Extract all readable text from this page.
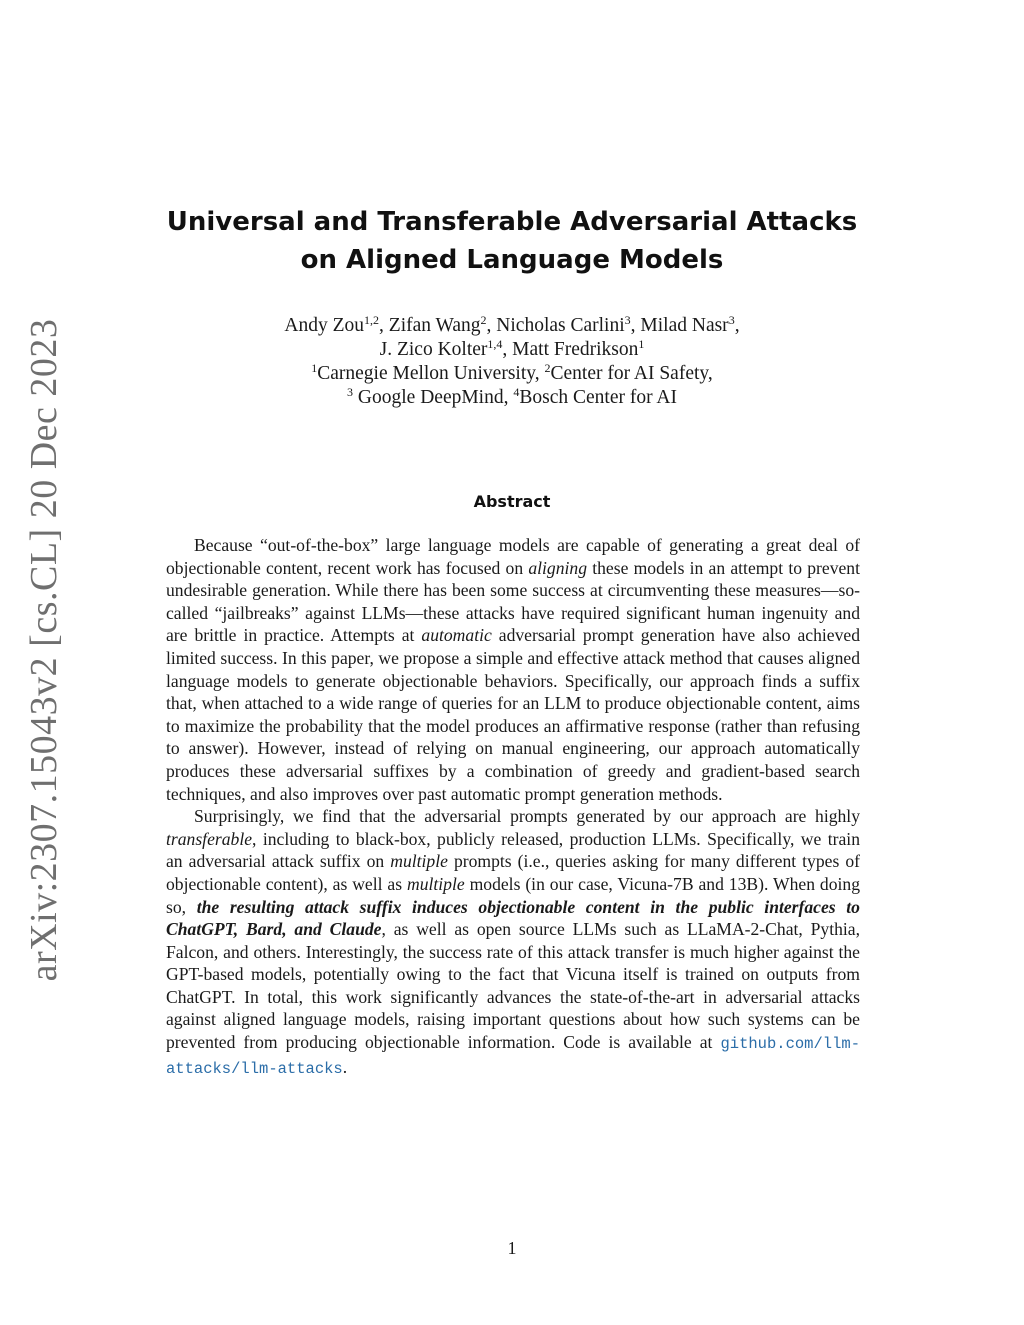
arXiv:2307.15043v2 [cs.CL] 20 Dec 2023
Universal and Transferable Adversarial Attacks
on Aligned Language Models
Andy Zou$^{1,2}$, Zifan Wang$^2$, Nicholas Carlini$^3$, Milad Nasr$^3$,
J. Zico Kolter$^{1,4}$, Matt Fredrikson$^1$
$^1$Carnegie Mellon University, $^2$Center for AI Safety,
$^3$ Google DeepMind, $^4$Bosch Center for AI
Abstract

Because “out-of-the-box” large language models are capable of generating a great deal of objectionable content, recent work has focused on aligning these models in an attempt to prevent undesirable generation. While there has been some success at circumventing these measures—so-called “jailbreaks” against LLMs—these attacks have required significant human ingenuity and are brittle in practice. Attempts at automatic adversarial prompt generation have also achieved limited success. In this paper, we propose a simple and effective attack method that causes aligned language models to generate objectionable behaviors. Specifically, our approach finds a suffix that, when attached to a wide range of queries for an LLM to produce objectionable content, aims to maximize the probability that the model produces an affirmative response (rather than refusing to answer). However, instead of relying on manual engineering, our approach automatically produces these adversarial suffixes by a combination of greedy and gradient-based search techniques, and also improves over past automatic prompt generation methods.

Surprisingly, we find that the adversarial prompts generated by our approach are highly transferable, including to black-box, publicly released, production LLMs. Specifically, we train an adversarial attack suffix on multiple prompts (i.e., queries asking for many different types of objectionable content), as well as multiple models (in our case, Vicuna-7B and 13B). When doing so, the resulting attack suffix induces objectionable content in the public interfaces to ChatGPT, Bard, and Claude, as well as open source LLMs such as LLaMA-2-Chat, Pythia, Falcon, and others. Interestingly, the success rate of this attack transfer is much higher against the GPT-based models, potentially owing to the fact that Vicuna itself is trained on outputs from ChatGPT. In total, this work significantly advances the state-of-the-art in adversarial attacks against aligned language models, raising important questions about how such systems can be prevented from producing objectionable information. Code is available at github.com/llm-attacks/llm-attacks.

1
